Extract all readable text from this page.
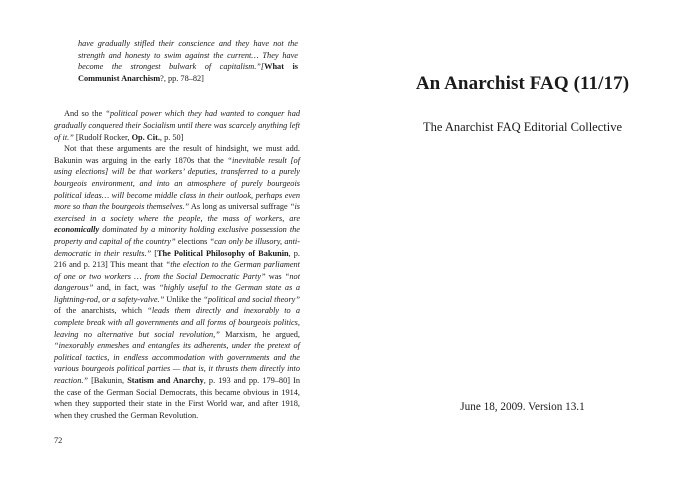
have gradually stifled their conscience and they have not the strength and honesty to swim against the current… They have become the strongest bulwark of capitalism.”[What is Communist Anarchism?, pp. 78–82]

And so the “political power which they had wanted to conquer had gradually conquered their Socialism until there was scarcely anything left of it.” [Rudolf Rocker, Op. Cit., p. 50]

Not that these arguments are the result of hindsight, we must add. Bakunin was arguing in the early 1870s that the “inevitable result [of using elections] will be that workers’ deputies, transferred to a purely bourgeois environment, and into an atmosphere of purely bourgeois political ideas… will become middle class in their outlook, perhaps even more so than the bourgeois themselves.” As long as universal suffrage “is exercised in a society where the people, the mass of workers, are economically dominated by a minority holding exclusive possession the property and capital of the country” elections “can only be illusory, anti-democratic in their results.” [The Political Philosophy of Bakunin, p. 216 and p. 213] This meant that “the election to the German parliament of one or two workers … from the Social Democratic Party” was “not dangerous” and, in fact, was “highly useful to the German state as a lightning-rod, or a safety-valve.” Unlike the “political and social theory” of the anarchists, which “leads them directly and inexorably to a complete break with all governments and all forms of bourgeois politics, leaving no alternative but social revolution,” Marxism, he argued, “inexorably enmeshes and entangles its adherents, under the pretext of political tactics, in endless accommodation with governments and the various bourgeois political parties — that is, it thrusts them directly into reaction.” [Bakunin, Statism and Anarchy, p. 193 and pp. 179–80] In the case of the German Social Democrats, this became obvious in 1914, when they supported their state in the First World war, and after 1918, when they crushed the German Revolution.

72
An Anarchist FAQ (11/17)
The Anarchist FAQ Editorial Collective
June 18, 2009. Version 13.1
